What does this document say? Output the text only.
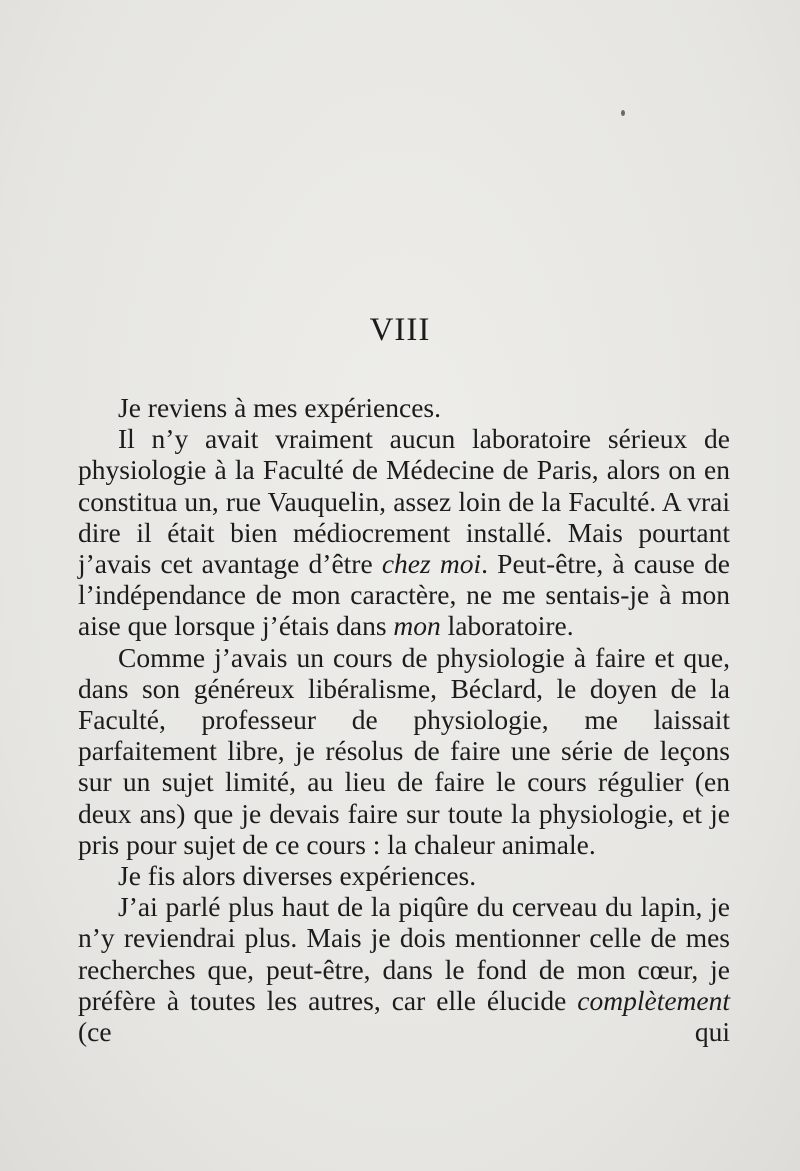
VIII

Je reviens à mes expériences.

Il n’y avait vraiment aucun laboratoire sérieux de physiologie à la Faculté de Médecine de Paris, alors on en constitua un, rue Vauquelin, assez loin de la Faculté. A vrai dire il était bien médiocrement installé. Mais pourtant j’avais cet avantage d’être chez moi. Peut-être, à cause de l’indépendance de mon caractère, ne me sentais-je à mon aise que lorsque j’étais dans mon laboratoire.

Comme j’avais un cours de physiologie à faire et que, dans son généreux libéralisme, Béclard, le doyen de la Faculté, professeur de physiologie, me laissait parfaitement libre, je résolus de faire une série de leçons sur un sujet limité, au lieu de faire le cours régulier (en deux ans) que je devais faire sur toute la physiologie, et je pris pour sujet de ce cours : la chaleur animale.

Je fis alors diverses expériences.

J’ai parlé plus haut de la piqûre du cerveau du lapin, je n’y reviendrai plus. Mais je dois mentionner celle de mes recherches que, peut-être, dans le fond de mon cœur, je préfère à toutes les autres, car elle élucide complètement (ce qui
